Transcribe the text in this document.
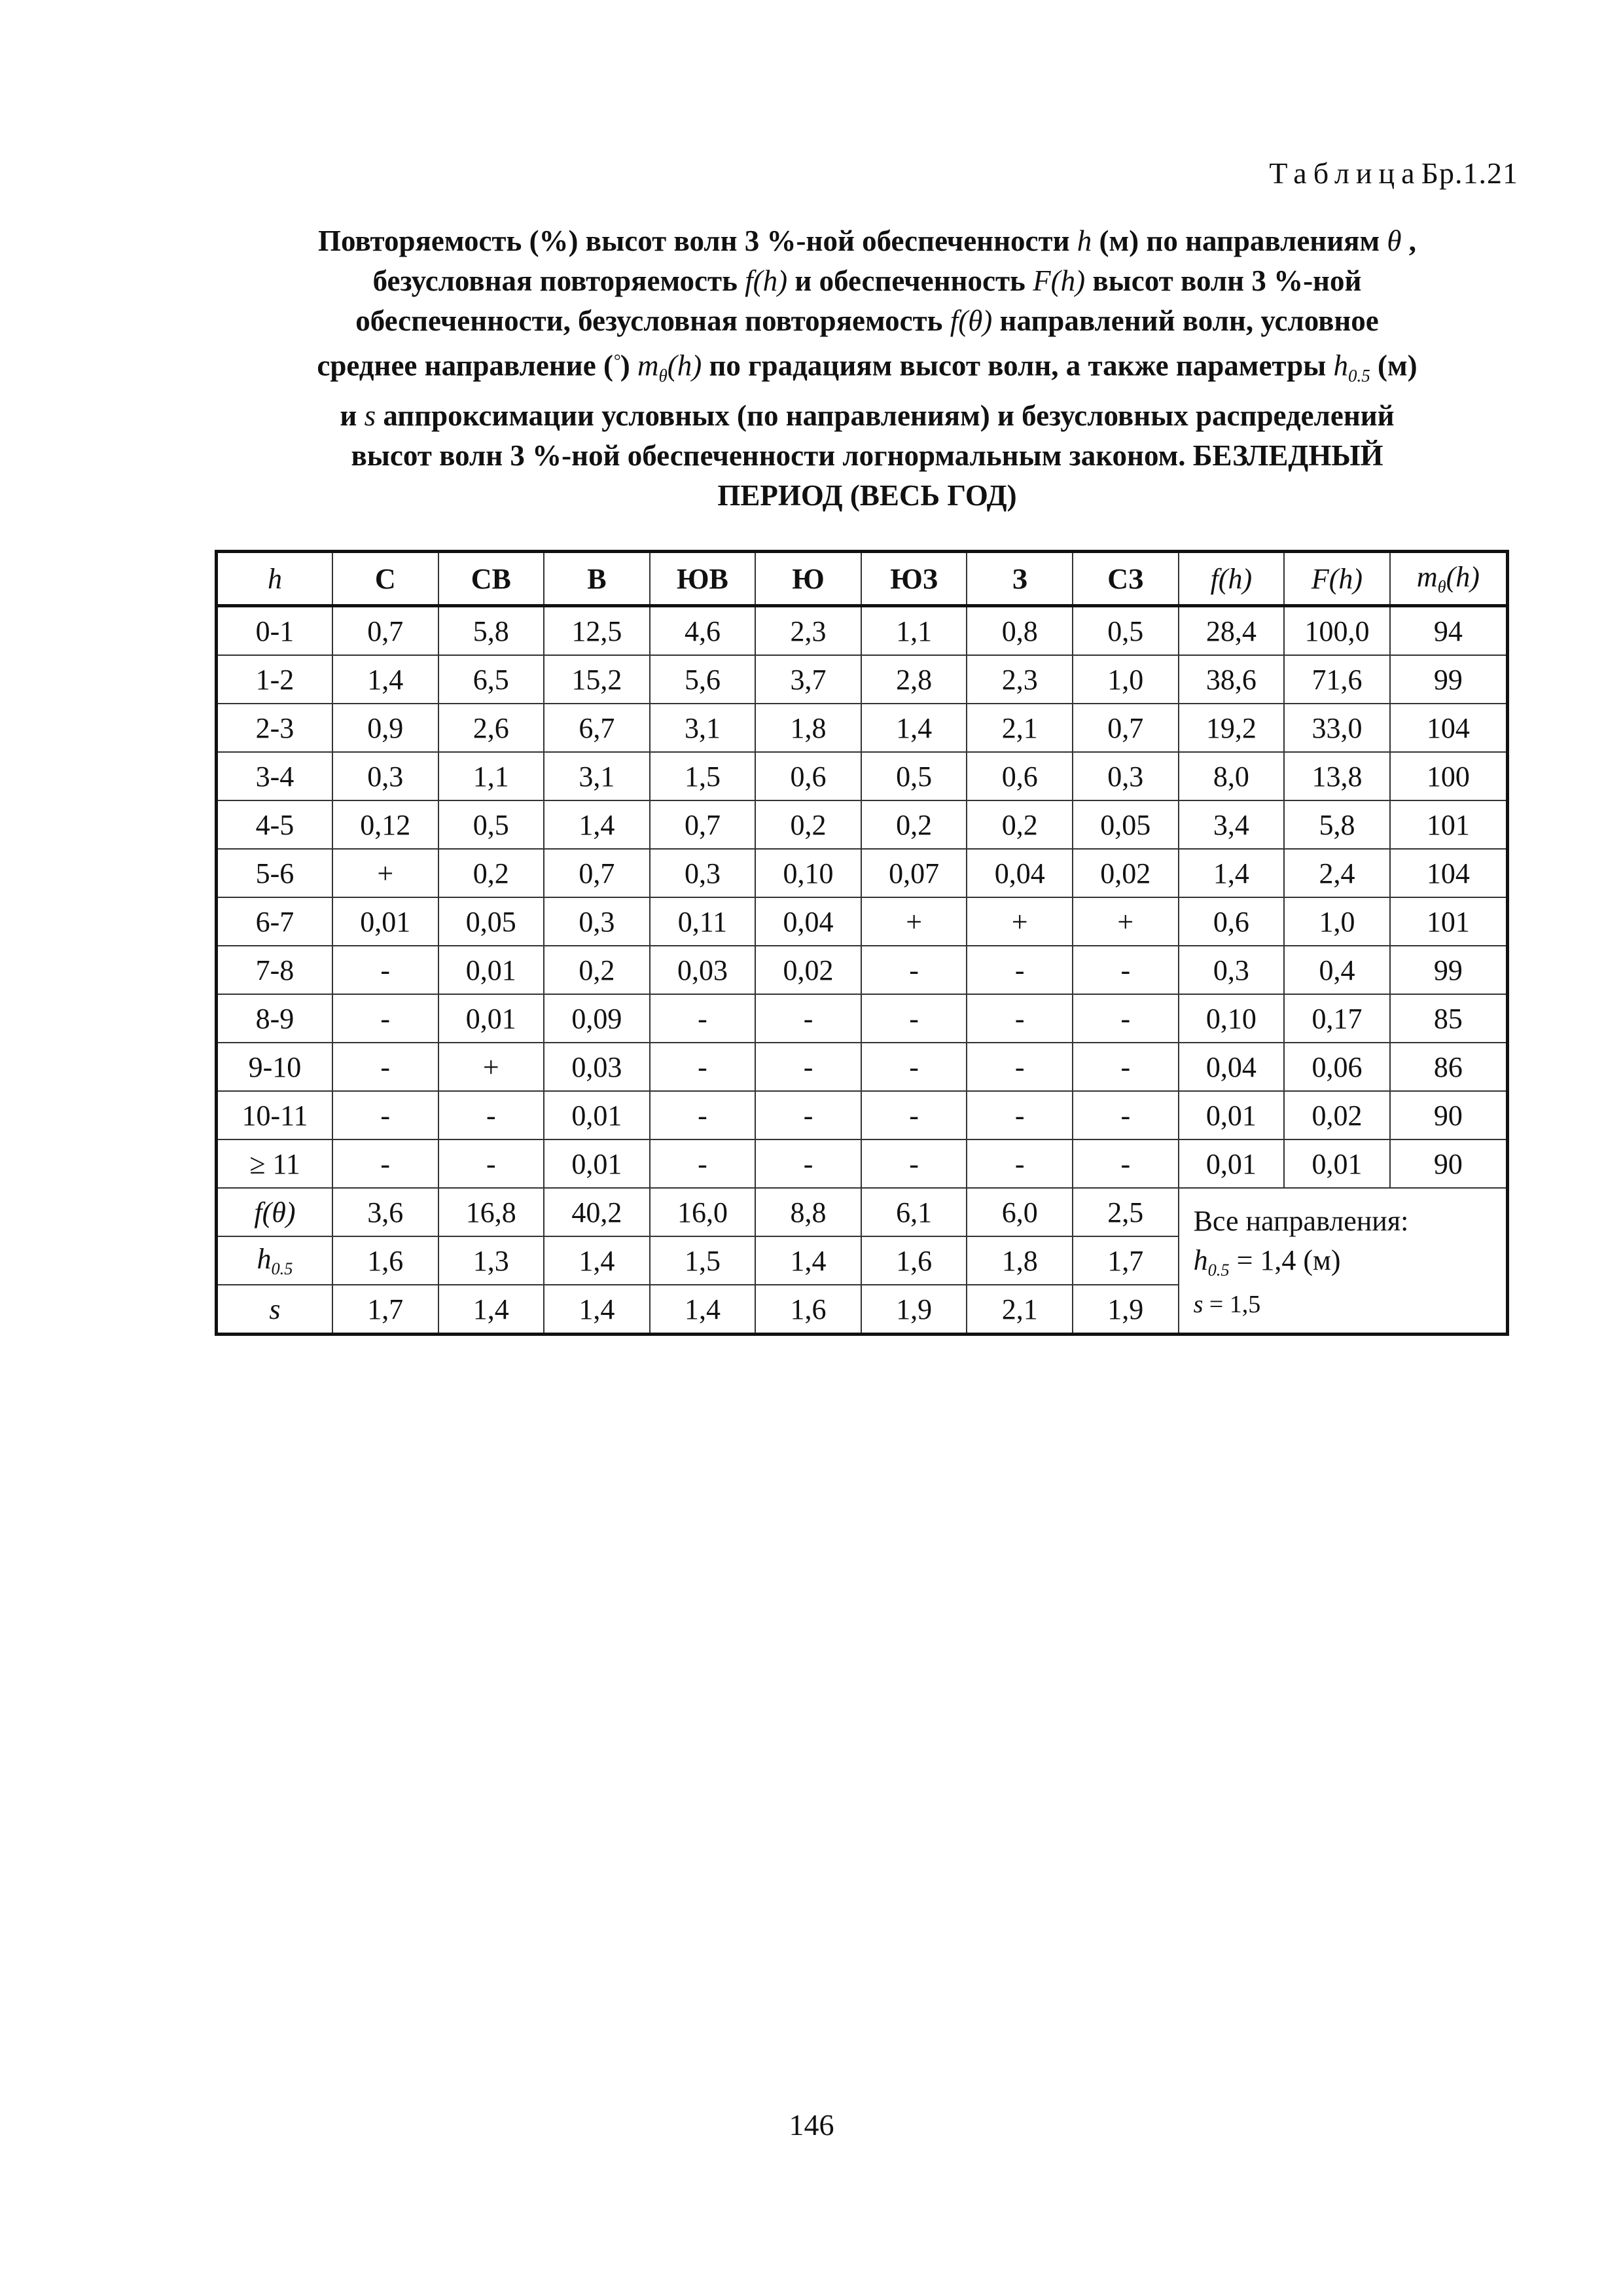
ТаблицаБр.1.21
Повторяемость (%) высот волн 3 %-ной обеспеченности h (м) по направлениям θ ,
безусловная повторяемость f(h) и обеспеченность F(h) высот волн 3 %-ной
обеспеченности, безусловная повторяемость f(θ) направлений волн, условное
среднее направление (°) $m_\theta(h)$ по градациям высот волн, а также параметры $h_{0.5}$ (м)
и s аппроксимации условных (по направлениям) и безусловных распределений
высот волн 3 %-ной обеспеченности логнормальным законом. БЕЗЛЕДНЫЙ
ПЕРИОД (ВЕСЬ ГОД)
h	С	СВ	В	ЮВ	Ю	ЮЗ	З	СЗ	f(h)	F(h)	$m_\theta(h)$
0-1	0,7	5,8	12,5	4,6	2,3	1,1	0,8	0,5	28,4	100,0	94
1-2	1,4	6,5	15,2	5,6	3,7	2,8	2,3	1,0	38,6	71,6	99
2-3	0,9	2,6	6,7	3,1	1,8	1,4	2,1	0,7	19,2	33,0	104
3-4	0,3	1,1	3,1	1,5	0,6	0,5	0,6	0,3	8,0	13,8	100
4-5	0,12	0,5	1,4	0,7	0,2	0,2	0,2	0,05	3,4	5,8	101
5-6	+	0,2	0,7	0,3	0,10	0,07	0,04	0,02	1,4	2,4	104
6-7	0,01	0,05	0,3	0,11	0,04	+	+	+	0,6	1,0	101
7-8	-	0,01	0,2	0,03	0,02	-	-	-	0,3	0,4	99
8-9	-	0,01	0,09	-	-	-	-	-	0,10	0,17	85
9-10	-	+	0,03	-	-	-	-	-	0,04	0,06	86
10-11	-	-	0,01	-	-	-	-	-	0,01	0,02	90
≥ 11	-	-	0,01	-	-	-	-	-	0,01	0,01	90
f(θ)	3,6	16,8	40,2	16,0	8,8	6,1	6,0	2,5	Все направления:
$h_{0.5} = 1,4$ (м)
s = 1,5		

$h_{0.5}$	1,6	1,3	1,4	1,5	1,4	1,6	1,8	1,7			
s	1,7	1,4	1,4	1,4	1,6	1,9	2,1	1,9			
146
